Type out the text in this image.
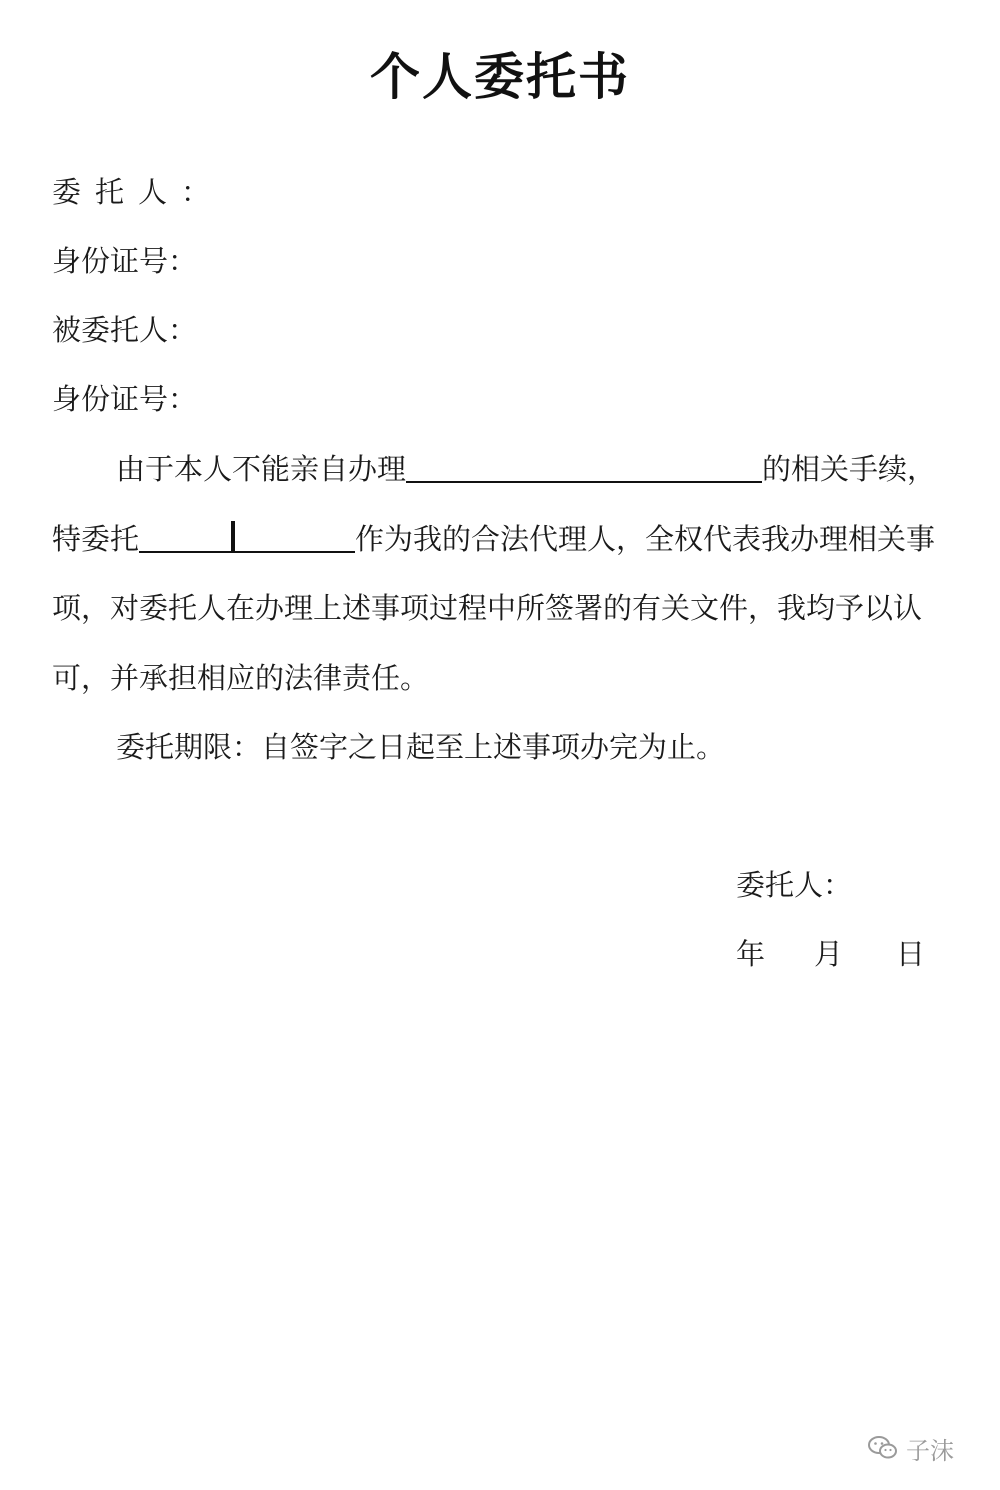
个人委托书
委托人：
身份证号：
被委托人：
身份证号：
由于本人不能亲自办理	的相关手续，
特委托	作为我的合法代理人，全权代表我办理相关事
项，对委托人在办理上述事项过程中所签署的有关文件，我均予以认
可，并承担相应的法律责任。
委托期限：自签字之日起至上述事项办完为止。
委托人：
年 月 日
子沫
